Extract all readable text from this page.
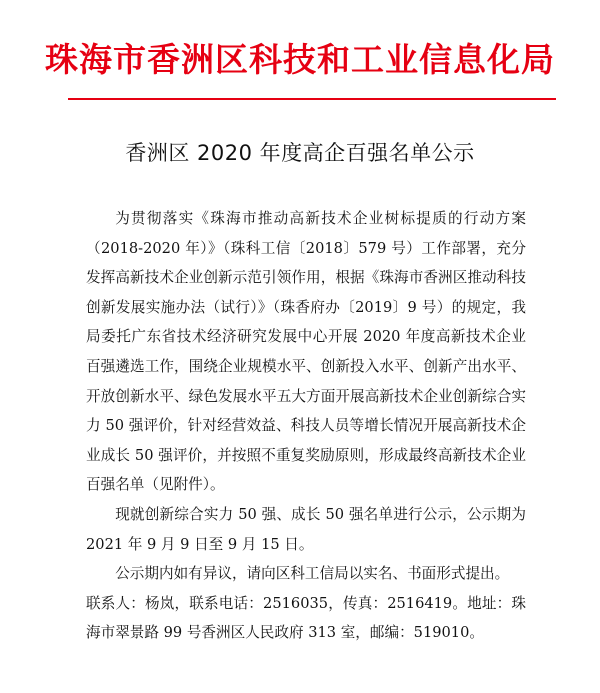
珠海市香洲区科技和工业信息化局
香洲区 2020 年度高企百强名单公示

为贯彻落实《珠海市推动高新技术企业树标提质的行动方案（2018-2020 年）》（珠科工信〔2018〕579 号）工作部署，充分发挥高新技术企业创新示范引领作用，根据《珠海市香洲区推动科技创新发展实施办法（试行）》（珠香府办〔2019〕9 号）的规定，我局委托广东省技术经济研究发展中心开展 2020 年度高新技术企业百强遴选工作，围绕企业规模水平、创新投入水平、创新产出水平、开放创新水平、绿色发展水平五大方面开展高新技术企业创新综合实力 50 强评价，针对经营效益、科技人员等增长情况开展高新技术企业成长 50 强评价，并按照不重复奖励原则，形成最终高新技术企业百强名单（见附件）。

现就创新综合实力 50 强、成长 50 强名单进行公示，公示期为 2021 年 9 月 9 日至 9 月 15 日。

公示期内如有异议，请向区科工信局以实名、书面形式提出。

联系人：杨岚，联系电话：2516035，传真：2516419。地址：珠海市翠景路 99 号香洲区人民政府 313 室，邮编：519010。
